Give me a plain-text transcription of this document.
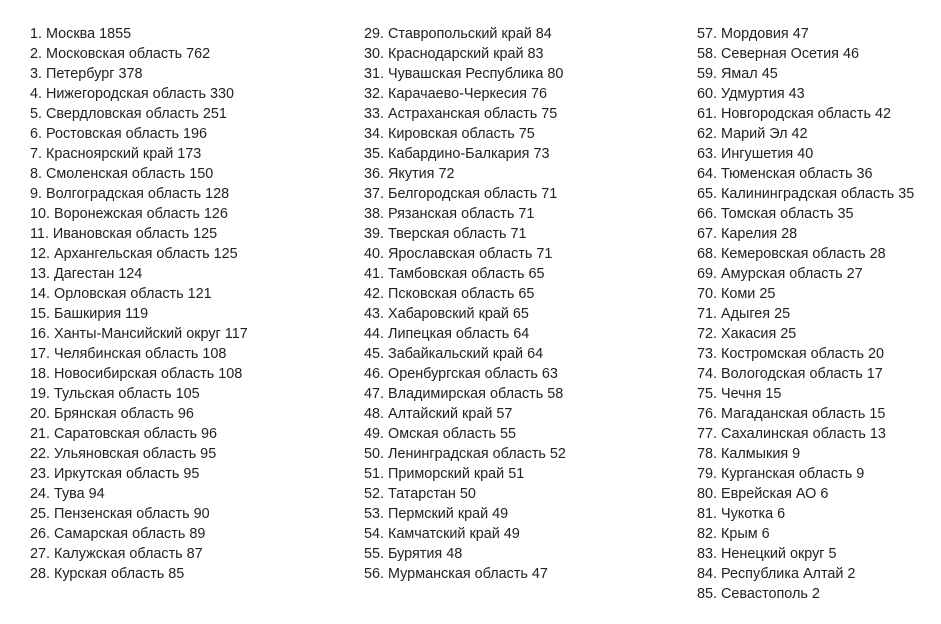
1. Москва 1855
2. Московская область 762
3. Петербург 378
4. Нижегородская область 330
5. Свердловская область 251
6. Ростовская область 196
7. Красноярский край 173
8. Смоленская область 150
9. Волгоградская область 128
10. Воронежская область 126
11. Ивановская область 125
12. Архангельская область 125
13. Дагестан 124
14. Орловская область 121
15. Башкирия 119
16. Ханты-Мансийский округ 117
17. Челябинская область 108
18. Новосибирская область 108
19. Тульская область 105
20. Брянская область 96
21. Саратовская область 96
22. Ульяновская область 95
23. Иркутская область 95
24. Тува 94
25. Пензенская область 90
26. Самарская область 89
27. Калужская область 87
28. Курская область 85
29. Ставропольский край 84
30. Краснодарский край 83
31. Чувашская Республика 80
32. Карачаево-Черкесия 76
33. Астраханская область 75
34. Кировская область 75
35. Кабардино-Балкария 73
36. Якутия 72
37. Белгородская область 71
38. Рязанская область 71
39. Тверская область 71
40. Ярославская область 71
41. Тамбовская область 65
42. Псковская область 65
43. Хабаровский край 65
44. Липецкая область 64
45. Забайкальский край 64
46. Оренбургская область 63
47. Владимирская область 58
48. Алтайский край 57
49. Омская область 55
50. Ленинградская область 52
51. Приморский край 51
52. Татарстан 50
53. Пермский край 49
54. Камчатский край 49
55. Бурятия 48
56. Мурманская область 47
57. Мордовия 47
58. Северная Осетия 46
59. Ямал 45
60. Удмуртия 43
61. Новгородская область 42
62. Марий Эл 42
63. Ингушетия 40
64. Тюменская область 36
65. Калининградская область 35
66. Томская область 35
67. Карелия 28
68. Кемеровская область 28
69. Амурская область 27
70. Коми 25
71. Адыгея 25
72. Хакасия 25
73. Костромская область 20
74. Вологодская область 17
75. Чечня 15
76. Магаданская область 15
77. Сахалинская область 13
78. Калмыкия 9
79. Курганская область 9
80. Еврейская АО 6
81. Чукотка 6
82. Крым 6
83. Ненецкий округ 5
84. Республика Алтай 2
85. Севастополь 2
